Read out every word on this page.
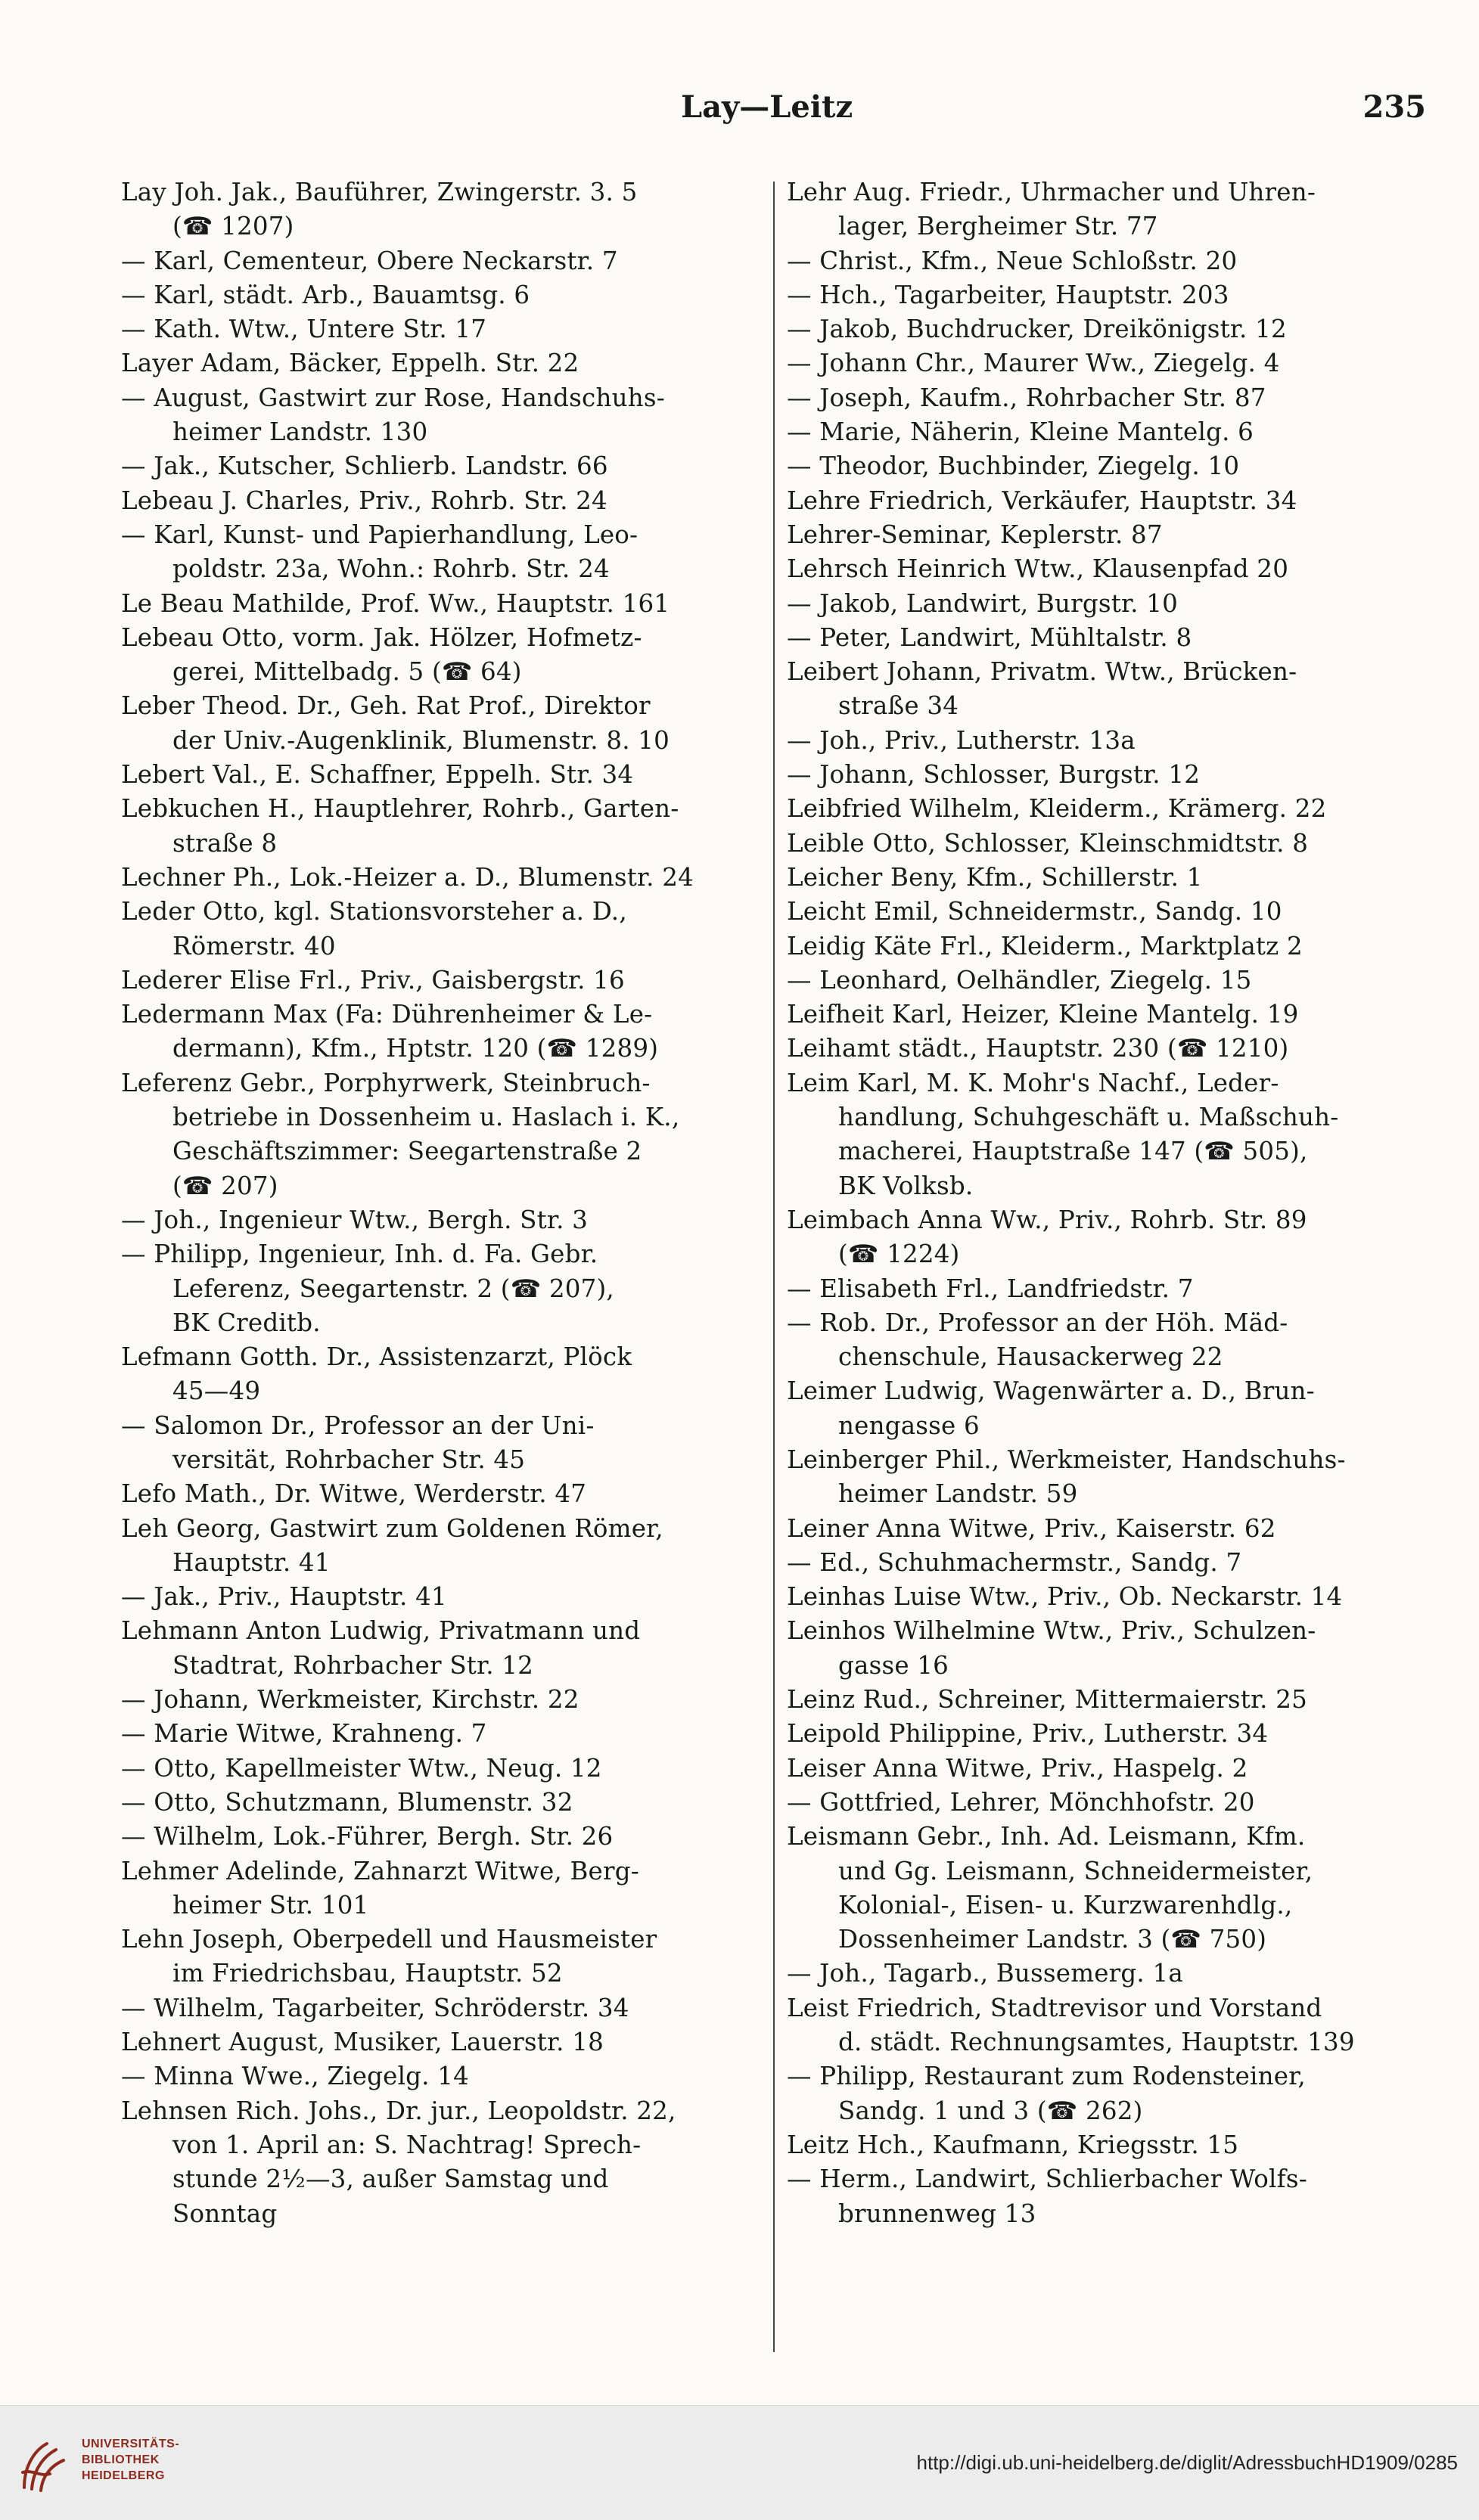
Lay—Leitz	235
Lay Joh. Jak., Bauführer, Zwingerstr. 3. 5
(☎ 1207)
— Karl, Cementeur, Obere Neckarstr. 7
— Karl, städt. Arb., Bauamtsg. 6
— Kath. Wtw., Untere Str. 17
Layer Adam, Bäcker, Eppelh. Str. 22
— August, Gastwirt zur Rose, Handschuhs-
heimer Landstr. 130
— Jak., Kutscher, Schlierb. Landstr. 66
Lebeau J. Charles, Priv., Rohrb. Str. 24
— Karl, Kunst- und Papierhandlung, Leo-
poldstr. 23a, Wohn.: Rohrb. Str. 24
Le Beau Mathilde, Prof. Ww., Hauptstr. 161
Lebeau Otto, vorm. Jak. Hölzer, Hofmetz-
gerei, Mittelbadg. 5 (☎ 64)
Leber Theod. Dr., Geh. Rat Prof., Direktor
der Univ.-Augenklinik, Blumenstr. 8. 10
Lebert Val., E. Schaffner, Eppelh. Str. 34
Lebkuchen H., Hauptlehrer, Rohrb., Garten-
straße 8
Lechner Ph., Lok.-Heizer a. D., Blumenstr. 24
Leder Otto, kgl. Stationsvorsteher a. D.,
Römerstr. 40
Lederer Elise Frl., Priv., Gaisbergstr. 16
Ledermann Max (Fa: Dührenheimer & Le-
dermann), Kfm., Hptstr. 120 (☎ 1289)
Leferenz Gebr., Porphyrwerk, Steinbruch-
betriebe in Dossenheim u. Haslach i. K.,
Geschäftszimmer: Seegartenstraße 2
(☎ 207)
— Joh., Ingenieur Wtw., Bergh. Str. 3
— Philipp, Ingenieur, Inh. d. Fa. Gebr.
Leferenz, Seegartenstr. 2 (☎ 207),
BK Creditb.
Lefmann Gotth. Dr., Assistenzarzt, Plöck
45—49
— Salomon Dr., Professor an der Uni-
versität, Rohrbacher Str. 45
Lefo Math., Dr. Witwe, Werderstr. 47
Leh Georg, Gastwirt zum Goldenen Römer,
Hauptstr. 41
— Jak., Priv., Hauptstr. 41
Lehmann Anton Ludwig, Privatmann und
Stadtrat, Rohrbacher Str. 12
— Johann, Werkmeister, Kirchstr. 22
— Marie Witwe, Krahneng. 7
— Otto, Kapellmeister Wtw., Neug. 12
— Otto, Schutzmann, Blumenstr. 32
— Wilhelm, Lok.-Führer, Bergh. Str. 26
Lehmer Adelinde, Zahnarzt Witwe, Berg-
heimer Str. 101
Lehn Joseph, Oberpedell und Hausmeister
im Friedrichsbau, Hauptstr. 52
— Wilhelm, Tagarbeiter, Schröderstr. 34
Lehnert August, Musiker, Lauerstr. 18
— Minna Wwe., Ziegelg. 14
Lehnsen Rich. Johs., Dr. jur., Leopoldstr. 22,
von 1. April an: S. Nachtrag! Sprech-
stunde 2½—3, außer Samstag und
Sonntag
Lehr Aug. Friedr., Uhrmacher und Uhren-
lager, Bergheimer Str. 77
— Christ., Kfm., Neue Schloßstr. 20
— Hch., Tagarbeiter, Hauptstr. 203
— Jakob, Buchdrucker, Dreikönigstr. 12
— Johann Chr., Maurer Ww., Ziegelg. 4
— Joseph, Kaufm., Rohrbacher Str. 87
— Marie, Näherin, Kleine Mantelg. 6
— Theodor, Buchbinder, Ziegelg. 10
Lehre Friedrich, Verkäufer, Hauptstr. 34
Lehrer-Seminar, Keplerstr. 87
Lehrsch Heinrich Wtw., Klausenpfad 20
— Jakob, Landwirt, Burgstr. 10
— Peter, Landwirt, Mühltalstr. 8
Leibert Johann, Privatm. Wtw., Brücken-
straße 34
— Joh., Priv., Lutherstr. 13a
— Johann, Schlosser, Burgstr. 12
Leibfried Wilhelm, Kleiderm., Krämerg. 22
Leible Otto, Schlosser, Kleinschmidtstr. 8
Leicher Beny, Kfm., Schillerstr. 1
Leicht Emil, Schneidermstr., Sandg. 10
Leidig Käte Frl., Kleiderm., Marktplatz 2
— Leonhard, Oelhändler, Ziegelg. 15
Leifheit Karl, Heizer, Kleine Mantelg. 19
Leihamt städt., Hauptstr. 230 (☎ 1210)
Leim Karl, M. K. Mohr's Nachf., Leder-
handlung, Schuhgeschäft u. Maßschuh-
macherei, Hauptstraße 147 (☎ 505),
BK Volksb.
Leimbach Anna Ww., Priv., Rohrb. Str. 89
(☎ 1224)
— Elisabeth Frl., Landfriedstr. 7
— Rob. Dr., Professor an der Höh. Mäd-
chenschule, Hausackerweg 22
Leimer Ludwig, Wagenwärter a. D., Brun-
nengasse 6
Leinberger Phil., Werkmeister, Handschuhs-
heimer Landstr. 59
Leiner Anna Witwe, Priv., Kaiserstr. 62
— Ed., Schuhmachermstr., Sandg. 7
Leinhas Luise Wtw., Priv., Ob. Neckarstr. 14
Leinhos Wilhelmine Wtw., Priv., Schulzen-
gasse 16
Leinz Rud., Schreiner, Mittermaierstr. 25
Leipold Philippine, Priv., Lutherstr. 34
Leiser Anna Witwe, Priv., Haspelg. 2
— Gottfried, Lehrer, Mönchhofstr. 20
Leismann Gebr., Inh. Ad. Leismann, Kfm.
und Gg. Leismann, Schneidermeister,
Kolonial-, Eisen- u. Kurzwarenhdlg.,
Dossenheimer Landstr. 3 (☎ 750)
— Joh., Tagarb., Bussemerg. 1a
Leist Friedrich, Stadtrevisor und Vorstand
d. städt. Rechnungsamtes, Hauptstr. 139
— Philipp, Restaurant zum Rodensteiner,
Sandg. 1 und 3 (☎ 262)
Leitz Hch., Kaufmann, Kriegsstr. 15
— Herm., Landwirt, Schlierbacher Wolfs-
brunnenweg 13
UNIVERSITÄTS-
BIBLIOTHEK
HEIDELBERG
http://digi.ub.uni-heidelberg.de/diglit/AdressbuchHD1909/0285
